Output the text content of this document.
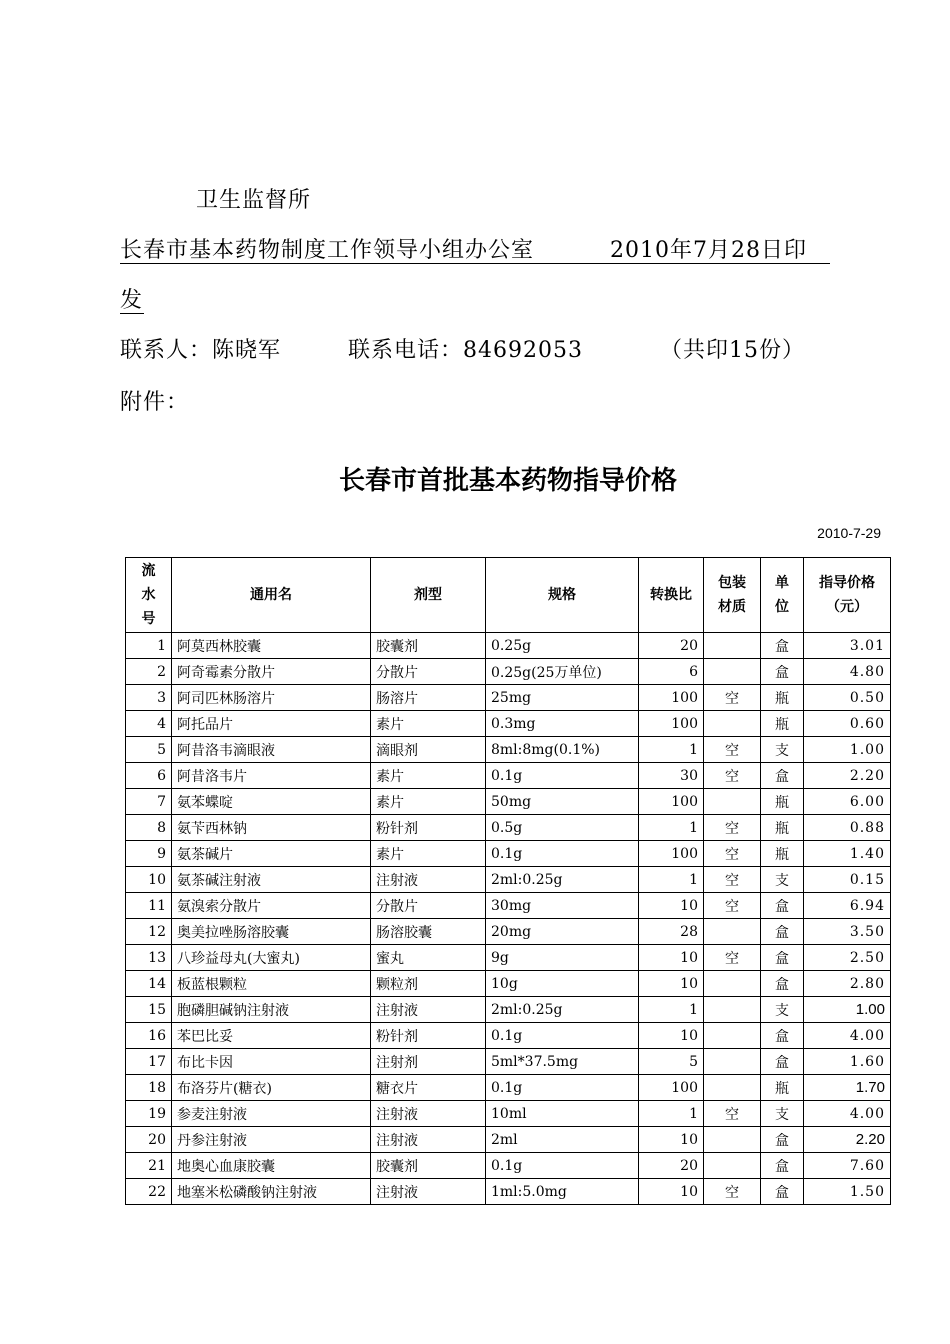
卫生监督所
长春市基本药物制度工作领导小组办公室	2010年7月28日印
发
联系人：陈晓军	联系电话：84692053	（共印15份）
附件：
长春市首批基本药物指导价格
2010-7-29
流水号	通用名	剂型	规格	转换比	包装材质	单位	指导价格（元）
1	阿莫西林胶囊	胶囊剂	0.25g	20		盒	3.01
2	阿奇霉素分散片	分散片	0.25g(25万单位)	6		盒	4.80
3	阿司匹林肠溶片	肠溶片	25mg	100	空	瓶	0.50
4	阿托品片	素片	0.3mg	100		瓶	0.60
5	阿昔洛韦滴眼液	滴眼剂	8ml:8mg(0.1%)	1	空	支	1.00
6	阿昔洛韦片	素片	0.1g	30	空	盒	2.20
7	氨苯蝶啶	素片	50mg	100		瓶	6.00
8	氨苄西林钠	粉针剂	0.5g	1	空	瓶	0.88
9	氨茶碱片	素片	0.1g	100	空	瓶	1.40
10	氨茶碱注射液	注射液	2ml:0.25g	1	空	支	0.15
11	氨溴索分散片	分散片	30mg	10	空	盒	6.94
12	奥美拉唑肠溶胶囊	肠溶胶囊	20mg	28		盒	3.50
13	八珍益母丸(大蜜丸)	蜜丸	9g	10	空	盒	2.50
14	板蓝根颗粒	颗粒剂	10g	10		盒	2.80
15	胞磷胆碱钠注射液	注射液	2ml:0.25g	1		支	1.00
16	苯巴比妥	粉针剂	0.1g	10		盒	4.00
17	布比卡因	注射剂	5ml*37.5mg	5		盒	1.60
18	布洛芬片(糖衣)	糖衣片	0.1g	100		瓶	1.70
19	参麦注射液	注射液	10ml	1	空	支	4.00
20	丹参注射液	注射液	2ml	10		盒	2.20
21	地奥心血康胶囊	胶囊剂	0.1g	20		盒	7.60
22	地塞米松磷酸钠注射液	注射液	1ml:5.0mg	10	空	盒	1.50
